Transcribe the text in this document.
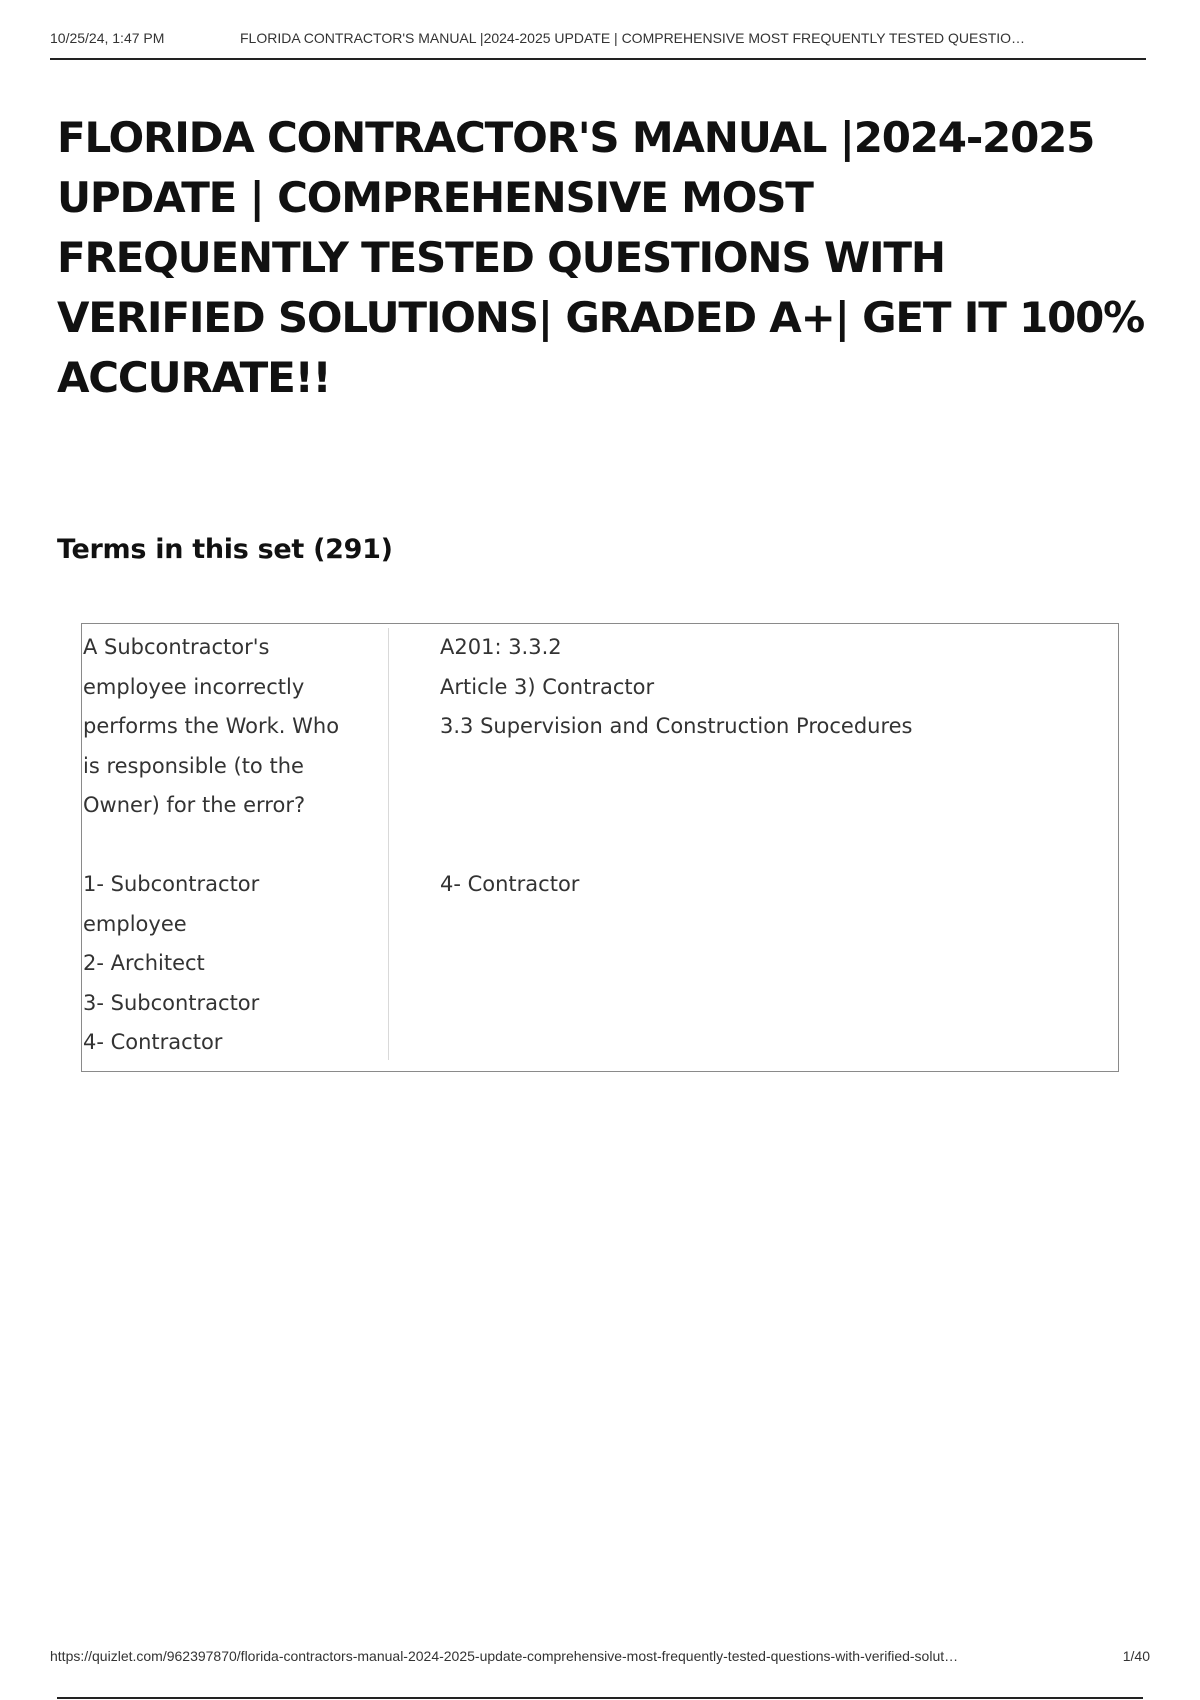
10/25/24, 1:47 PM	FLORIDA CONTRACTOR'S MANUAL |2024-2025 UPDATE | COMPREHENSIVE MOST FREQUENTLY TESTED QUESTIO…
FLORIDA CONTRACTOR'S MANUAL |2024-2025
UPDATE | COMPREHENSIVE MOST
FREQUENTLY TESTED QUESTIONS WITH
VERIFIED SOLUTIONS| GRADED A+| GET IT 100%
ACCURATE!!
Terms in this set (291)
A Subcontractor's
employee incorrectly
performs the Work. Who
is responsible (to the
Owner) for the error?
1- Subcontractor
employee
2- Architect
3- Subcontractor
4- Contractor
A201: 3.3.2
Article 3) Contractor
3.3 Supervision and Construction Procedures
4- Contractor
https://quizlet.com/962397870/florida-contractors-manual-2024-2025-update-comprehensive-most-frequently-tested-questions-with-verified-solut…	1/40
